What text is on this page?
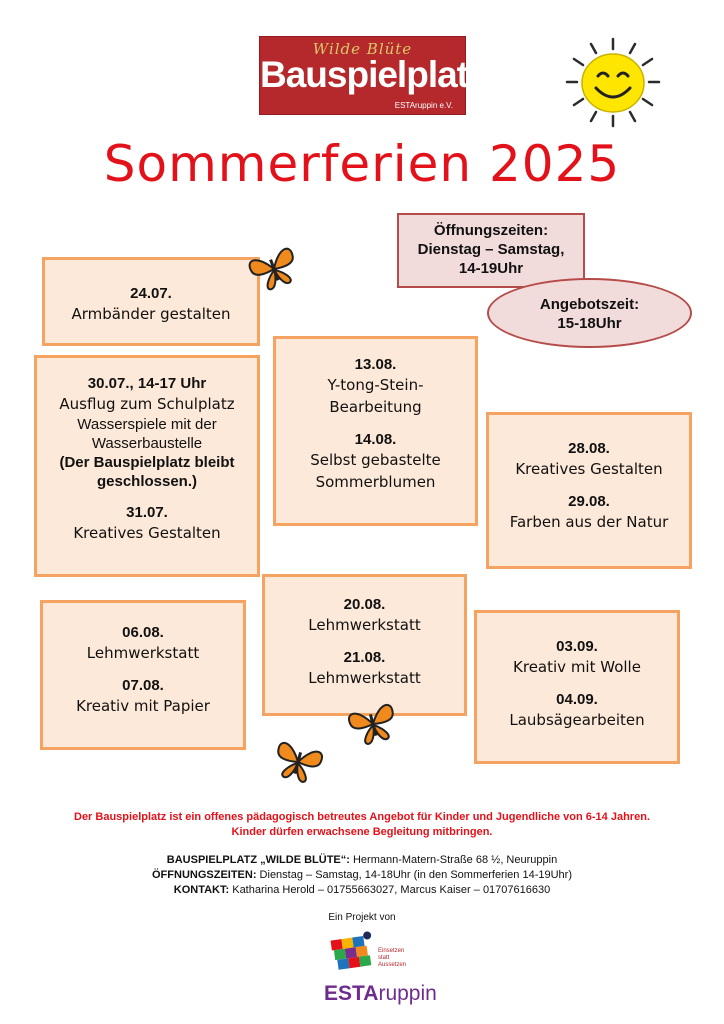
Wilde Blüte
Bauspielplatz
ESTAruppin e.V.
Sommerferien 2025
Öffnungszeiten:
Dienstag – Samstag,
14-19Uhr
Angebotszeit:
15-18Uhr
24.07.
Armbänder gestalten
30.07., 14-17 Uhr
Ausflug zum Schulplatz
Wasserspiele mit der
Wasserbaustelle
(Der Bauspielplatz bleibt
geschlossen.)
31.07.
Kreatives Gestalten
13.08.
Y-tong-Stein-
Bearbeitung
14.08.
Selbst gebastelte
Sommerblumen
28.08.
Kreatives Gestalten
29.08.
Farben aus der Natur
06.08.
Lehmwerkstatt
07.08.
Kreativ mit Papier
20.08.
Lehmwerkstatt
21.08.
Lehmwerkstatt
03.09.
Kreativ mit Wolle
04.09.
Laubsägearbeiten
Der Bauspielplatz ist ein offenes pädagogisch betreutes Angebot für Kinder und Jugendliche von 6-14 Jahren.
Kinder dürfen erwachsene Begleitung mitbringen.
BAUSPIELPLATZ „WILDE BLÜTE“: Hermann-Matern-Straße 68 ½, Neuruppin
ÖFFNUNGSZEITEN: Dienstag – Samstag, 14-18Uhr (in den Sommerferien 14-19Uhr)
KONTAKT: Katharina Herold – 01755663027, Marcus Kaiser – 01707616630
Ein Projekt von
Einsetzen
statt
Aussetzen
ESTAruppin
